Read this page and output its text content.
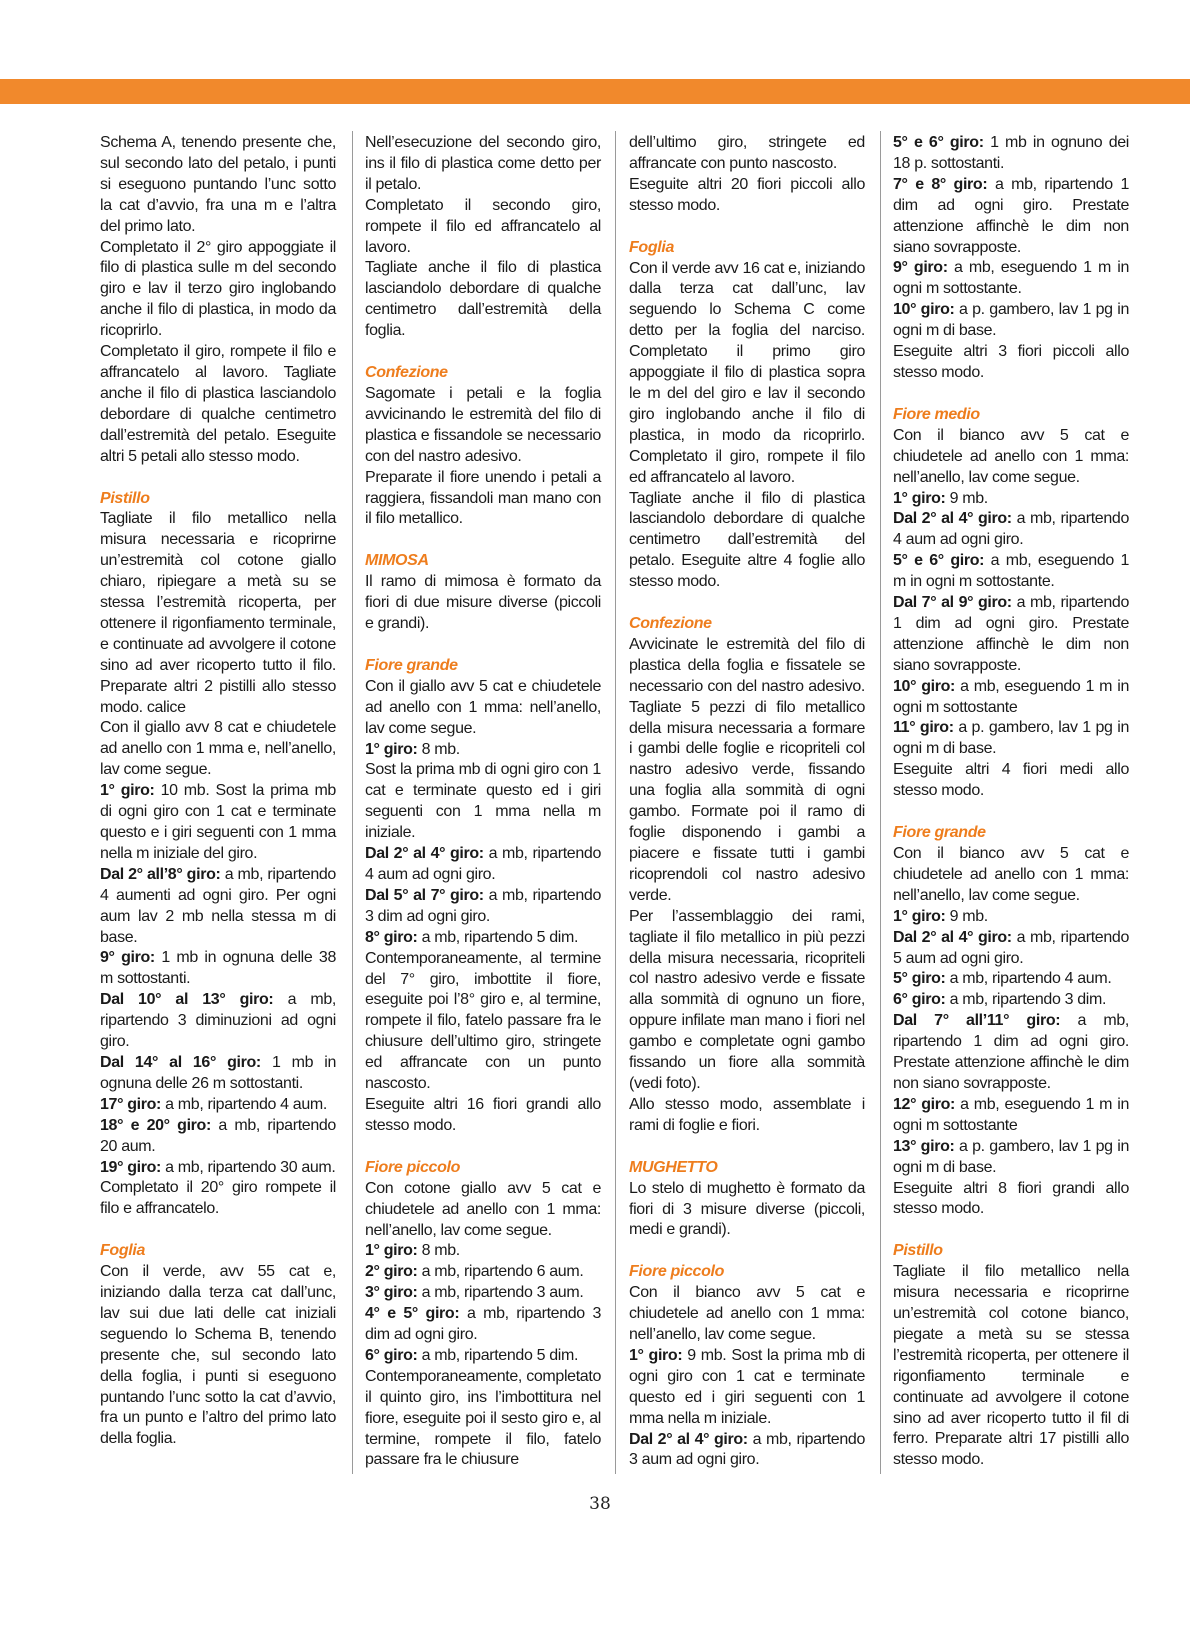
Schema A, tenendo presente che, sul secondo lato del petalo, i punti si eseguono puntando l’unc sotto la cat d’avvio, fra una m e l’altra del primo lato.

Completato il 2° giro appoggiate il filo di plastica sulle m del secondo giro e lav il terzo giro inglobando anche il filo di plastica, in modo da ricoprirlo.

Completato il giro, rompete il filo e affrancatelo al lavoro. Tagliate anche il filo di plastica lasciandolo debordare di qualche centimetro dall’estremità del petalo. Eseguite altri 5 petali allo stesso modo.

Pistillo

Tagliate il filo metallico nella misura necessaria e ricoprirne un’estremità col cotone giallo chiaro, ripiegare a metà su se stessa l’estremità ricoperta, per ottenere il rigonfiamento terminale, e continuate ad avvolgere il cotone sino ad aver ricoperto tutto il filo. Preparate altri 2 pistilli allo stesso modo. calice

Con il giallo avv 8 cat e chiudetele ad anello con 1 mma e, nell’anello, lav come segue.

1° giro: 10 mb. Sost la prima mb di ogni giro con 1 cat e terminate questo e i giri seguenti con 1 mma nella m iniziale del giro.

Dal 2° all’8° giro: a mb, ripartendo 4 aumenti ad ogni giro. Per ogni aum lav 2 mb nella stessa m di base.

9° giro: 1 mb in ognuna delle 38 m sottostanti.

Dal 10° al 13° giro: a mb, ripartendo 3 diminuzioni ad ogni giro.

Dal 14° al 16° giro: 1 mb in ognuna delle 26 m sottostanti.

17° giro: a mb, ripartendo 4 aum.

18° e 20° giro: a mb, ripartendo 20 aum.

19° giro: a mb, ripartendo 30 aum.

Completato il 20° giro rompete il filo e affrancatelo.

Foglia

Con il verde, avv 55 cat e, iniziando dalla terza cat dall’unc, lav sui due lati delle cat iniziali seguendo lo Schema B, tenendo presente che, sul secondo lato della foglia, i punti si eseguono puntando l’unc sotto la cat d’avvio, fra un punto e l’altro del primo lato della foglia.

Nell’esecuzione del secondo giro, ins il filo di plastica come detto per il petalo.

Completato il secondo giro, rompete il filo ed affrancatelo al lavoro.

Tagliate anche il filo di plastica lasciandolo debordare di qualche centimetro dall’estremità della foglia.

Confezione

Sagomate i petali e la foglia avvicinando le estremità del filo di plastica e fissandole se necessario con del nastro adesivo.

Preparate il fiore unendo i petali a raggiera, fissandoli man mano con il filo metallico.

MIMOSA

Il ramo di mimosa è formato da fiori di due misure diverse (piccoli e grandi).

Fiore grande

Con il giallo avv 5 cat e chiudetele ad anello con 1 mma: nell’anello, lav come segue.

1° giro: 8 mb.

Sost la prima mb di ogni giro con 1 cat e terminate questo ed i giri seguenti con 1 mma nella m iniziale.

Dal 2° al 4° giro: a mb, ripartendo 4 aum ad ogni giro.

Dal 5° al 7° giro: a mb, ripartendo 3 dim ad ogni giro.

8° giro: a mb, ripartendo 5 dim.

Contemporaneamente, al termine del 7° giro, imbottite il fiore, eseguite poi l’8° giro e, al termine, rompete il filo, fatelo passare fra le chiusure dell’ultimo giro, stringete ed affrancate con un punto nascosto.

Eseguite altri 16 fiori grandi allo stesso modo.

Fiore piccolo

Con cotone giallo avv 5 cat e chiudetele ad anello con 1 mma: nell’anello, lav come segue.

1° giro: 8 mb.

2° giro: a mb, ripartendo 6 aum.

3° giro: a mb, ripartendo 3 aum.

4° e 5° giro: a mb, ripartendo 3 dim ad ogni giro.

6° giro: a mb, ripartendo 5 dim.

Contemporaneamente, completato il quinto giro, ins l’imbottitura nel fiore, eseguite poi il sesto giro e, al termine, rompete il filo, fatelo passare fra le chiusure

dell’ultimo giro, stringete ed affrancate con punto nascosto.

Eseguite altri 20 fiori piccoli allo stesso modo.

Foglia

Con il verde avv 16 cat e, iniziando dalla terza cat dall’unc, lav seguendo lo Schema C come detto per la foglia del narciso. Completato il primo giro appoggiate il filo di plastica sopra le m del del giro e lav il secondo giro inglobando anche il filo di plastica, in modo da ricoprirlo. Completato il giro, rompete il filo ed affrancatelo al lavoro.

Tagliate anche il filo di plastica lasciandolo debordare di qualche centimetro dall’estremità del petalo. Eseguite altre 4 foglie allo stesso modo.

Confezione

Avvicinate le estremità del filo di plastica della foglia e fissatele se necessario con del nastro adesivo. Tagliate 5 pezzi di filo metallico della misura necessaria a formare i gambi delle foglie e ricopriteli col nastro adesivo verde, fissando una foglia alla sommità di ogni gambo. Formate poi il ramo di foglie disponendo i gambi a piacere e fissate tutti i gambi ricoprendoli col nastro adesivo verde.

Per l’assemblaggio dei rami, tagliate il filo metallico in più pezzi della misura necessaria, ricopriteli col nastro adesivo verde e fissate alla sommità di ognuno un fiore, oppure infilate man mano i fiori nel gambo e completate ogni gambo fissando un fiore alla sommità (vedi foto).

Allo stesso modo, assemblate i rami di foglie e fiori.

MUGHETTO

Lo stelo di mughetto è formato da fiori di 3 misure diverse (piccoli, medi e grandi).

Fiore piccolo

Con il bianco avv 5 cat e chiudetele ad anello con 1 mma: nell’anello, lav come segue.

1° giro: 9 mb. Sost la prima mb di ogni giro con 1 cat e terminate questo ed i giri seguenti con 1 mma nella m iniziale.

Dal 2° al 4° giro: a mb, ripartendo 3 aum ad ogni giro.

5° e 6° giro: 1 mb in ognuno dei 18 p. sottostanti.

7° e 8° giro: a mb, ripartendo 1 dim ad ogni giro. Prestate attenzione affinchè le dim non siano sovrapposte.

9° giro: a mb, eseguendo 1 m in ogni m sottostante.

10° giro: a p. gambero, lav 1 pg in ogni m di base.

Eseguite altri 3 fiori piccoli allo stesso modo.

Fiore medio

Con il bianco avv 5 cat e chiudetele ad anello con 1 mma: nell’anello, lav come segue.

1° giro: 9 mb.

Dal 2° al 4° giro: a mb, ripartendo 4 aum ad ogni giro.

5° e 6° giro: a mb, eseguendo 1 m in ogni m sottostante.

Dal 7° al 9° giro: a mb, ripartendo 1 dim ad ogni giro. Prestate attenzione affinchè le dim non siano sovrapposte.

10° giro: a mb, eseguendo 1 m in ogni m sottostante

11° giro: a p. gambero, lav 1 pg in ogni m di base.

Eseguite altri 4 fiori medi allo stesso modo.

Fiore grande

Con il bianco avv 5 cat e chiudetele ad anello con 1 mma: nell’anello, lav come segue.

1° giro: 9 mb.

Dal 2° al 4° giro: a mb, ripartendo 5 aum ad ogni giro.

5° giro: a mb, ripartendo 4 aum.

6° giro: a mb, ripartendo 3 dim.

Dal 7° all’11° giro: a mb, ripartendo 1 dim ad ogni giro. Prestate attenzione affinchè le dim non siano sovrapposte.

12° giro: a mb, eseguendo 1 m in ogni m sottostante

13° giro: a p. gambero, lav 1 pg in ogni m di base.

Eseguite altri 8 fiori grandi allo stesso modo.

Pistillo

Tagliate il filo metallico nella misura necessaria e ricoprirne un’estremità col cotone bianco, piegate a metà su se stessa l’estremità ricoperta, per ottenere il rigonfiamento terminale e continuate ad avvolgere il cotone sino ad aver ricoperto tutto il fil di ferro. Preparate altri 17 pistilli allo stesso modo.

38
